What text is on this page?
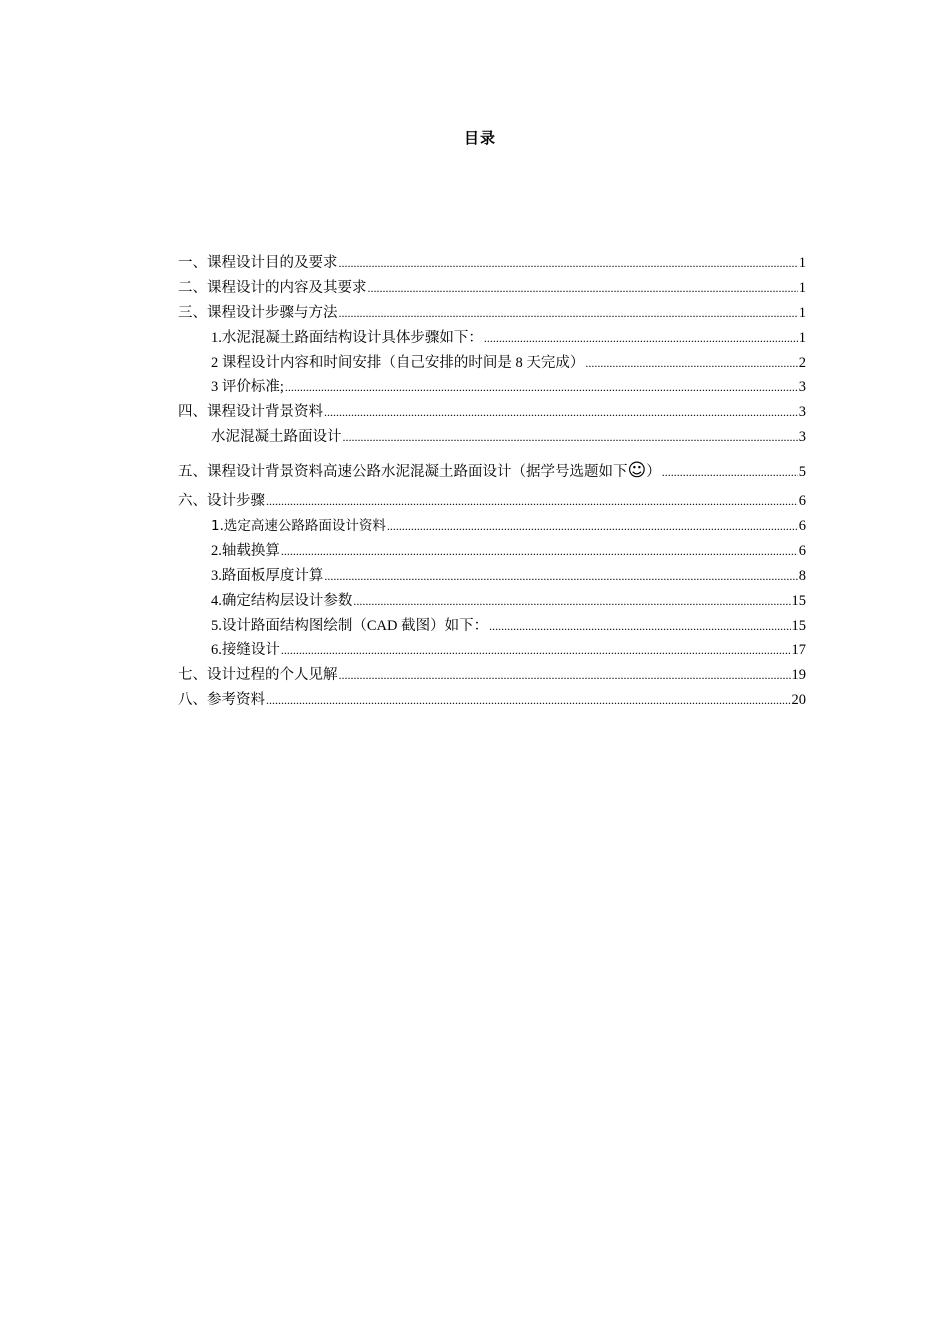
目录
一、课程设计目的及要求 .....	1
二、课程设计的内容及其要求 .....	1
三、课程设计步骤与方法 .....	1
1.水泥混凝土路面结构设计具体步骤如下： .....	1
2 课程设计内容和时间安排（自己安排的时间是 8 天完成） .....	2
3 评价标准; .....	3
四、课程设计背景资料 .....	3
水泥混凝土路面设计 .....	3
五、课程设计背景资料高速公路水泥混凝土路面设计（据学号选题如下 ☺ ） .....	5
六、设计步骤 .....	6
1.选定高速公路路面设计资料 .....	6
2.轴载换算 .....	6
3.路面板厚度计算 .....	8
4.确定结构层设计参数 .....	15
5.设计路面结构图绘制（CAD 截图）如下： .....	15
6.接缝设计 .....	17
七、设计过程的个人见解 .....	19
八、参考资料 .....	20
